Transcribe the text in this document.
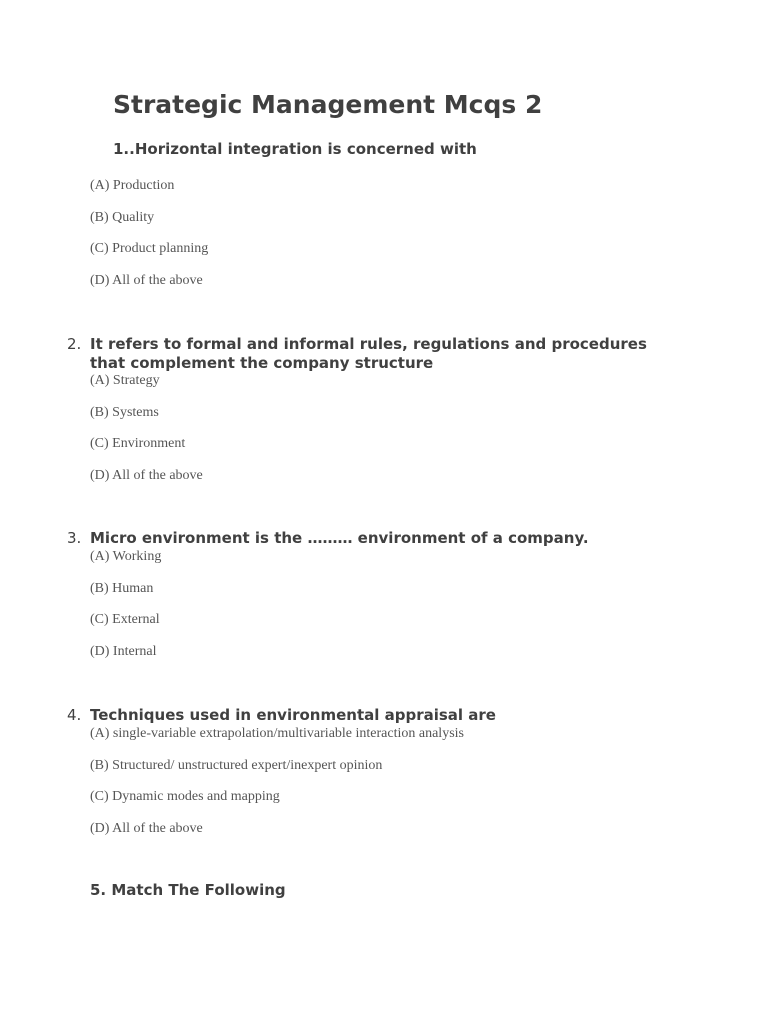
Strategic Management Mcqs 2
1..Horizontal integration is concerned with
(A) Production
(B) Quality
(C) Product planning
(D) All of the above
2. It refers to formal and informal rules, regulations and procedures that complement the company structure
(A) Strategy
(B) Systems
(C) Environment
(D) All of the above
3. Micro environment is the ……… environment of a company.
(A) Working
(B) Human
(C) External
(D) Internal
4. Techniques used in environmental appraisal are
(A) single-variable extrapolation/multivariable interaction analysis
(B) Structured/ unstructured expert/inexpert opinion
(C) Dynamic modes and mapping
(D) All of the above
5. Match The Following
